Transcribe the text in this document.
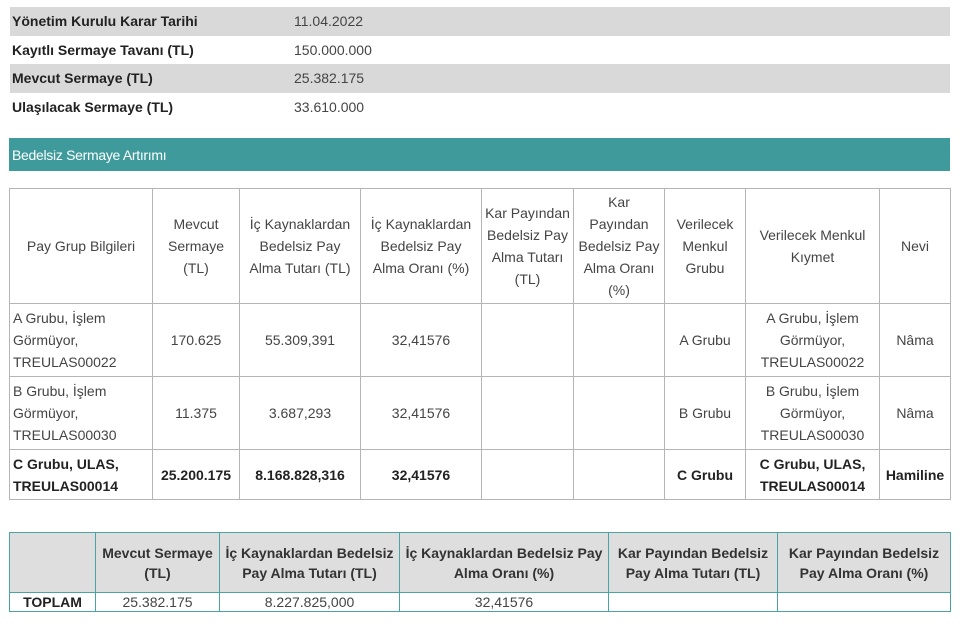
Yönetim Kurulu Karar Tarihi	11.04.2022
Kayıtlı Sermaye Tavanı (TL)	150.000.000
Mevcut Sermaye (TL)	25.382.175
Ulaşılacak Sermaye (TL)	33.610.000
Bedelsiz Sermaye Artırımı
Pay Grup Bilgileri	Mevcut Sermaye (TL)	İç Kaynaklardan Bedelsiz Pay Alma Tutarı (TL)	İç Kaynaklardan Bedelsiz Pay Alma Oranı (%)	Kar Payından Bedelsiz Pay Alma Tutarı (TL)	Kar Payından Bedelsiz Pay Alma Oranı (%)	Verilecek Menkul Grubu	Verilecek Menkul Kıymet	Nevi
A Grubu, İşlem Görmüyor, TREULAS00022	170.625	55.309,391	32,41576			A Grubu	A Grubu, İşlem Görmüyor, TREULAS00022	Nâma
B Grubu, İşlem Görmüyor, TREULAS00030	11.375	3.687,293	32,41576			B Grubu	B Grubu, İşlem Görmüyor, TREULAS00030	Nâma
C Grubu, ULAS, TREULAS00014	25.200.175	8.168.828,316	32,41576			C Grubu	C Grubu, ULAS, TREULAS00014	Hamiline
	Mevcut Sermaye (TL)	İç Kaynaklardan Bedelsiz Pay Alma Tutarı (TL)	İç Kaynaklardan Bedelsiz Pay Alma Oranı (%)	Kar Payından Bedelsiz Pay Alma Tutarı (TL)	Kar Payından Bedelsiz Pay Alma Oranı (%)
TOPLAM	25.382.175	8.227.825,000	32,41576		
